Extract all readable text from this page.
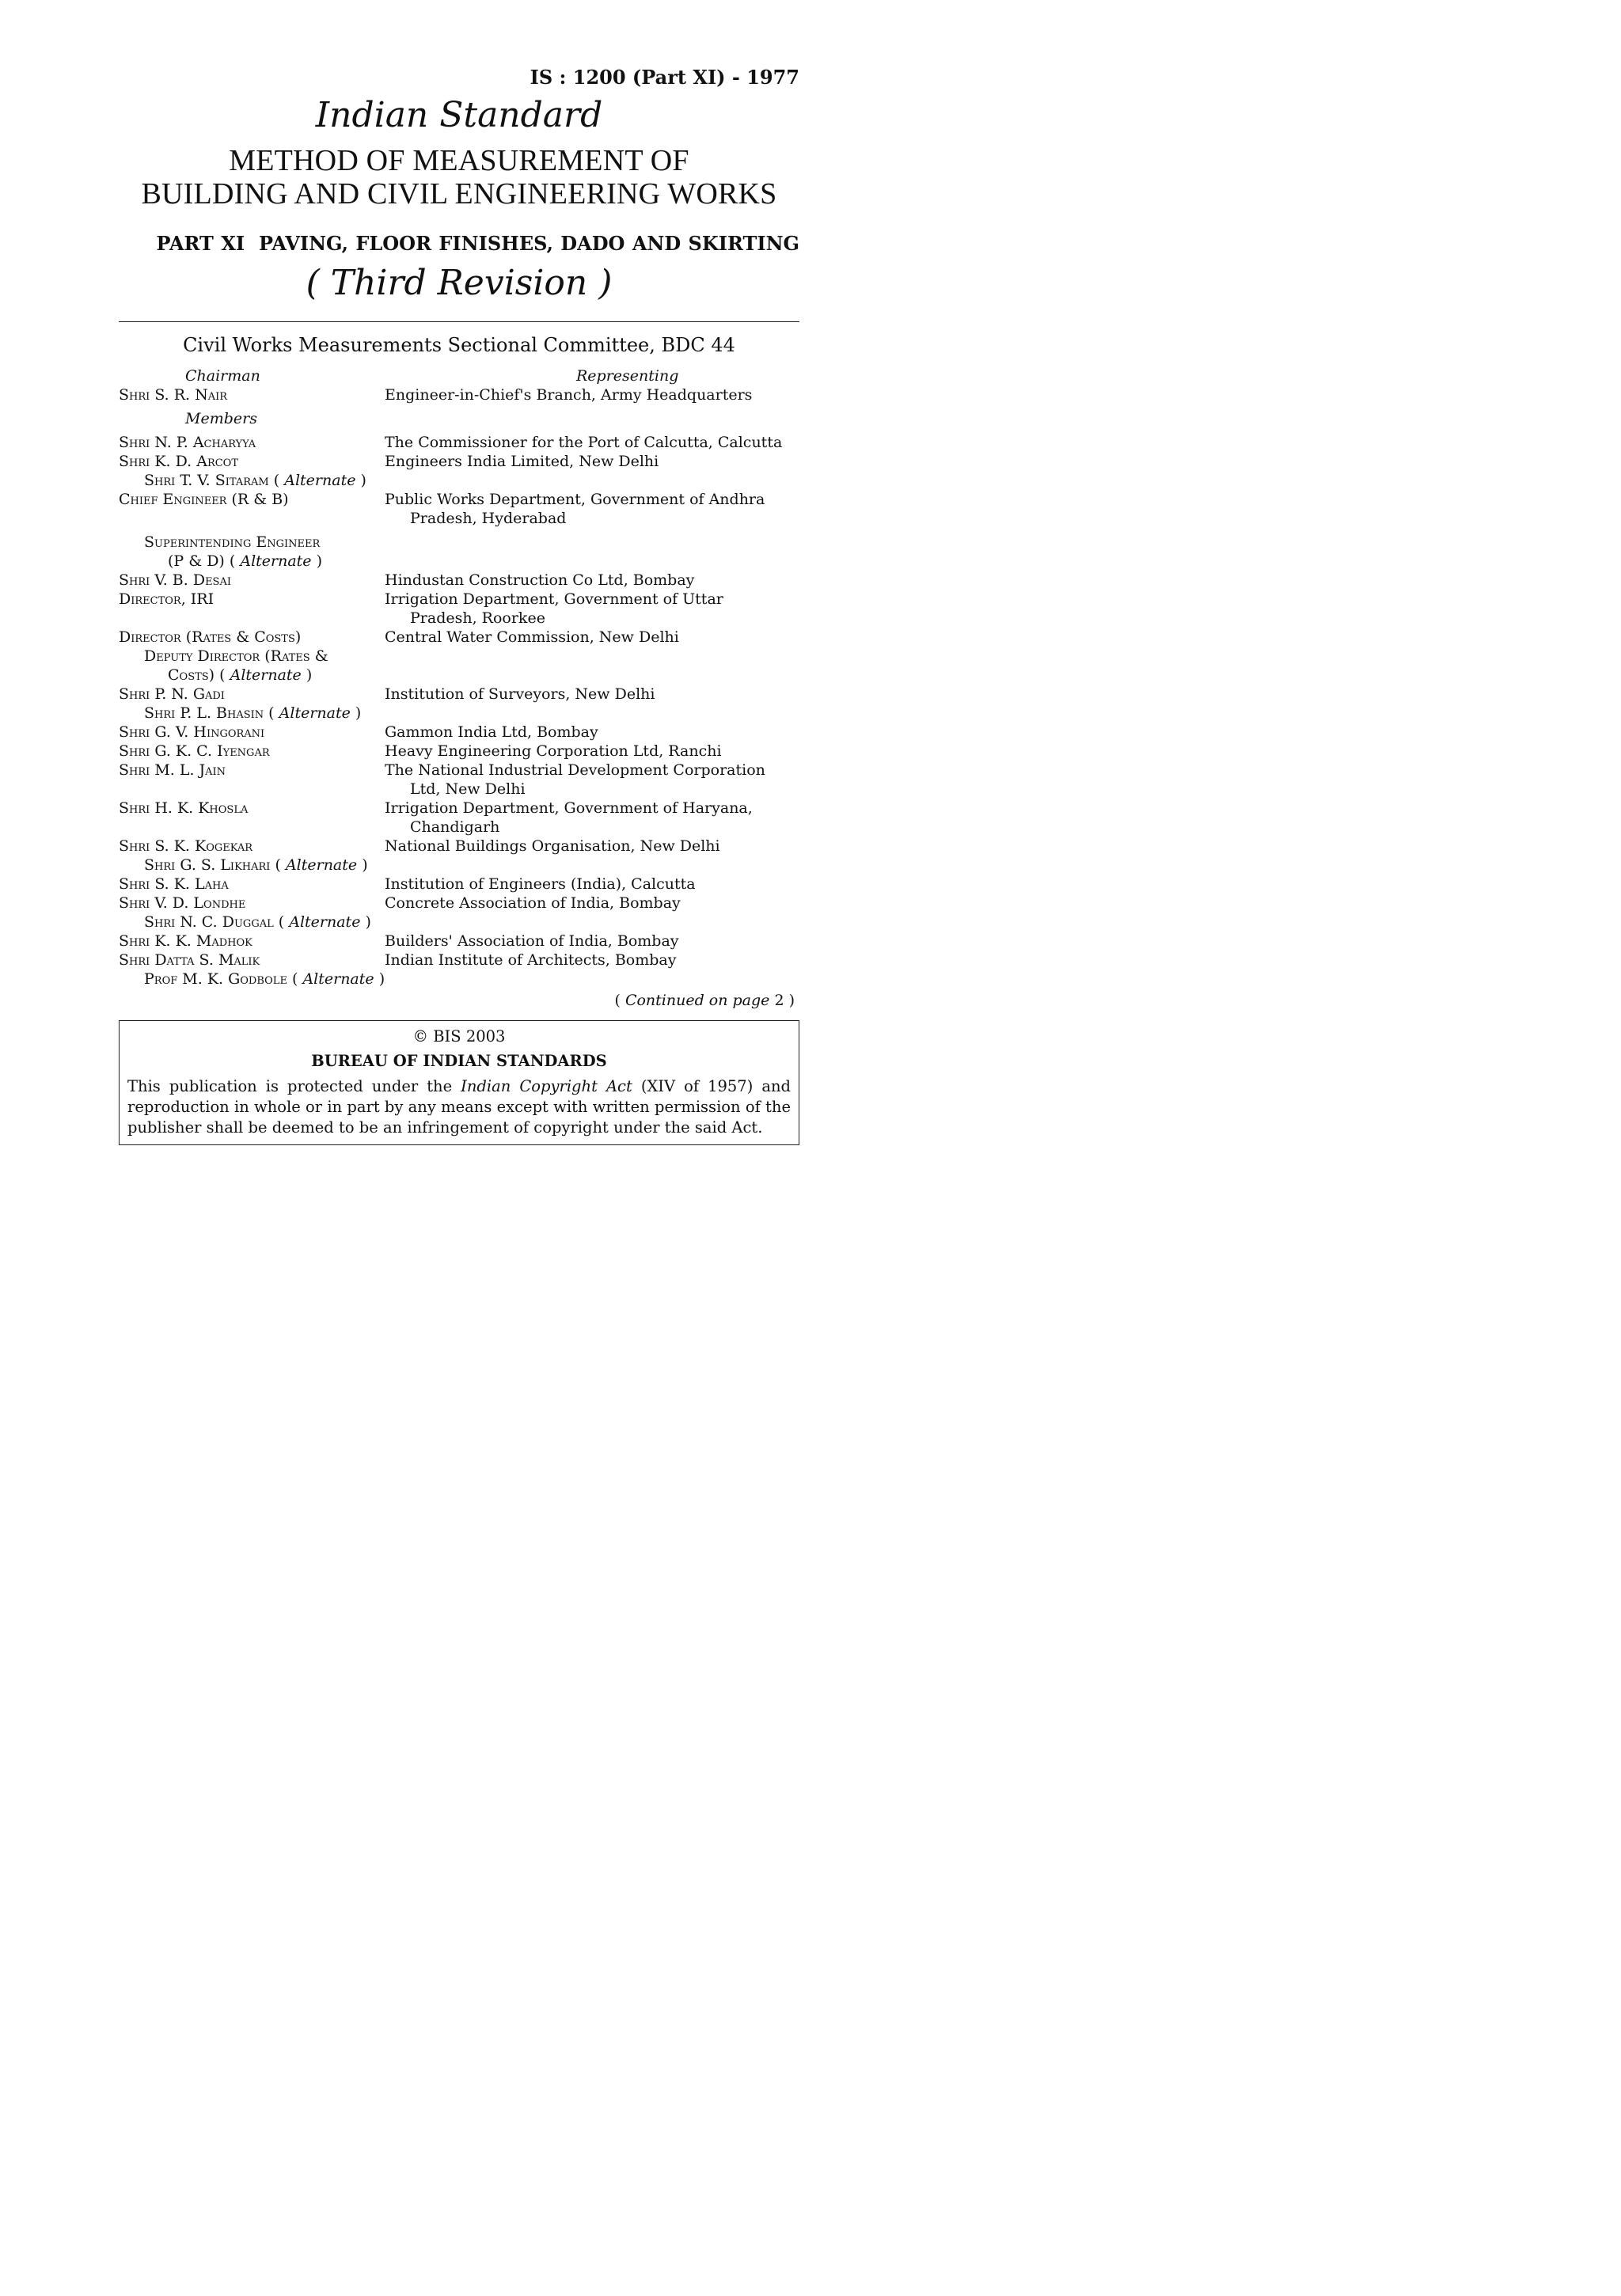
IS : 1200 (Part XI) - 1977

Indian Standard

METHOD OF MEASUREMENT OF

BUILDING AND CIVIL ENGINEERING WORKS

PART XI PAVING, FLOOR FINISHES, DADO AND SKIRTING

( Third Revision )

Civil Works Measurements Sectional Committee, BDC 44

Chairman	Representing
Shri S. R. Nair	Engineer-in-Chief's Branch, Army Headquarters
Members
Shri N. P. Acharyya	The Commissioner for the Port of Calcutta, Calcutta
Shri K. D. Arcot	Engineers India Limited, New Delhi
Shri T. V. Sitaram ( Alternate )
Chief Engineer (R & B)	Public Works Department, Government of Andhra
Pradesh, Hyderabad
Superintending Engineer
(P & D) ( Alternate )
Shri V. B. Desai	Hindustan Construction Co Ltd, Bombay
Director, IRI	Irrigation Department, Government of Uttar
Pradesh, Roorkee
Director (Rates & Costs)	Central Water Commission, New Delhi
Deputy Director (Rates &
Costs) ( Alternate )
Shri P. N. Gadi	Institution of Surveyors, New Delhi
Shri P. L. Bhasin ( Alternate )
Shri G. V. Hingorani	Gammon India Ltd, Bombay
Shri G. K. C. Iyengar	Heavy Engineering Corporation Ltd, Ranchi
Shri M. L. Jain	The National Industrial Development Corporation
Ltd, New Delhi
Shri H. K. Khosla	Irrigation Department, Government of Haryana,
Chandigarh
Shri S. K. Kogekar	National Buildings Organisation, New Delhi
Shri G. S. Likhari ( Alternate )
Shri S. K. Laha	Institution of Engineers (India), Calcutta
Shri V. D. Londhe	Concrete Association of India, Bombay
Shri N. C. Duggal ( Alternate )
Shri K. K. Madhok	Builders' Association of India, Bombay
Shri Datta S. Malik	Indian Institute of Architects, Bombay
Prof M. K. Godbole ( Alternate )
( Continued on page 2 )
© BIS 2003
BUREAU OF INDIAN STANDARDS
This publication is protected under the Indian Copyright Act (XIV of 1957) and reproduction in whole or in part by any means except with written permission of the publisher shall be deemed to be an infringement of copyright under the said Act.
